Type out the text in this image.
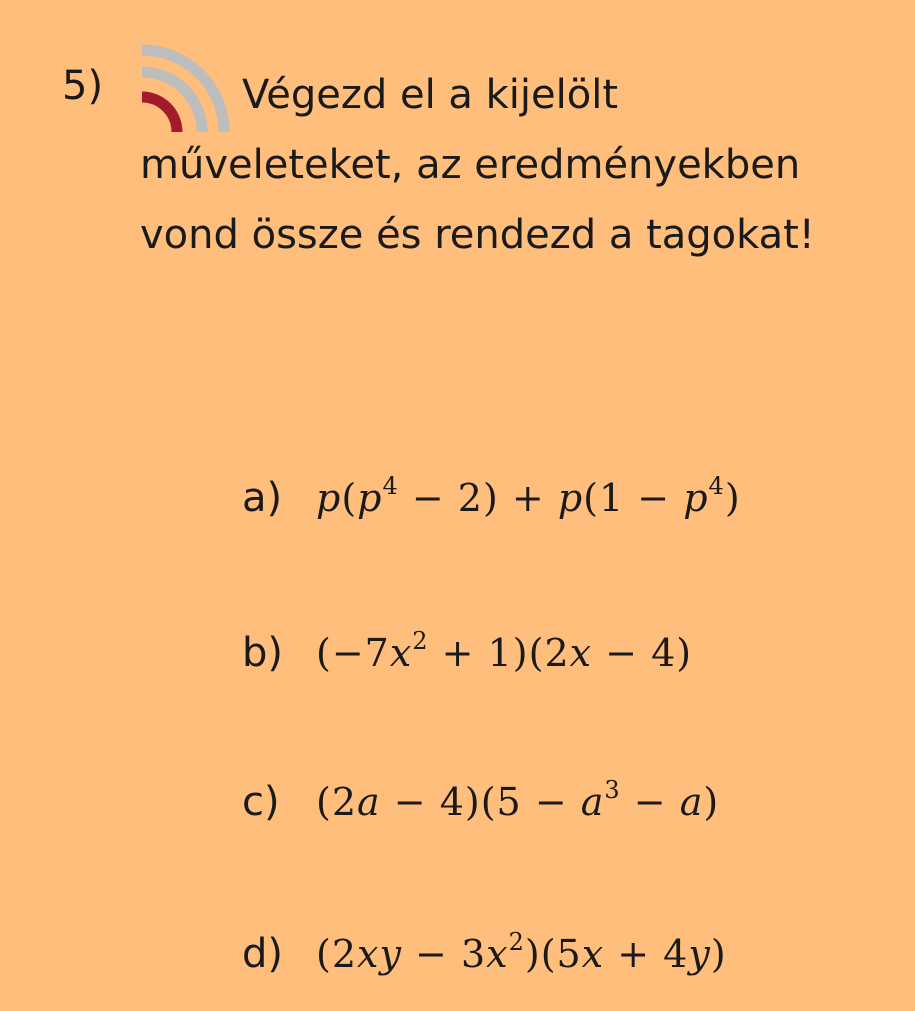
5)	Végezd el a kijelölt műveleteket, az eredményekben vond össze és rendezd a tagokat!
a) $p(p^4 - 2) + p(1 - p^4)$
b) $(-7x^2 + 1)(2x - 4)$
c) $(2a - 4)(5 - a^3 - a)$
d) $(2xy - 3x^2)(5x + 4y)$
